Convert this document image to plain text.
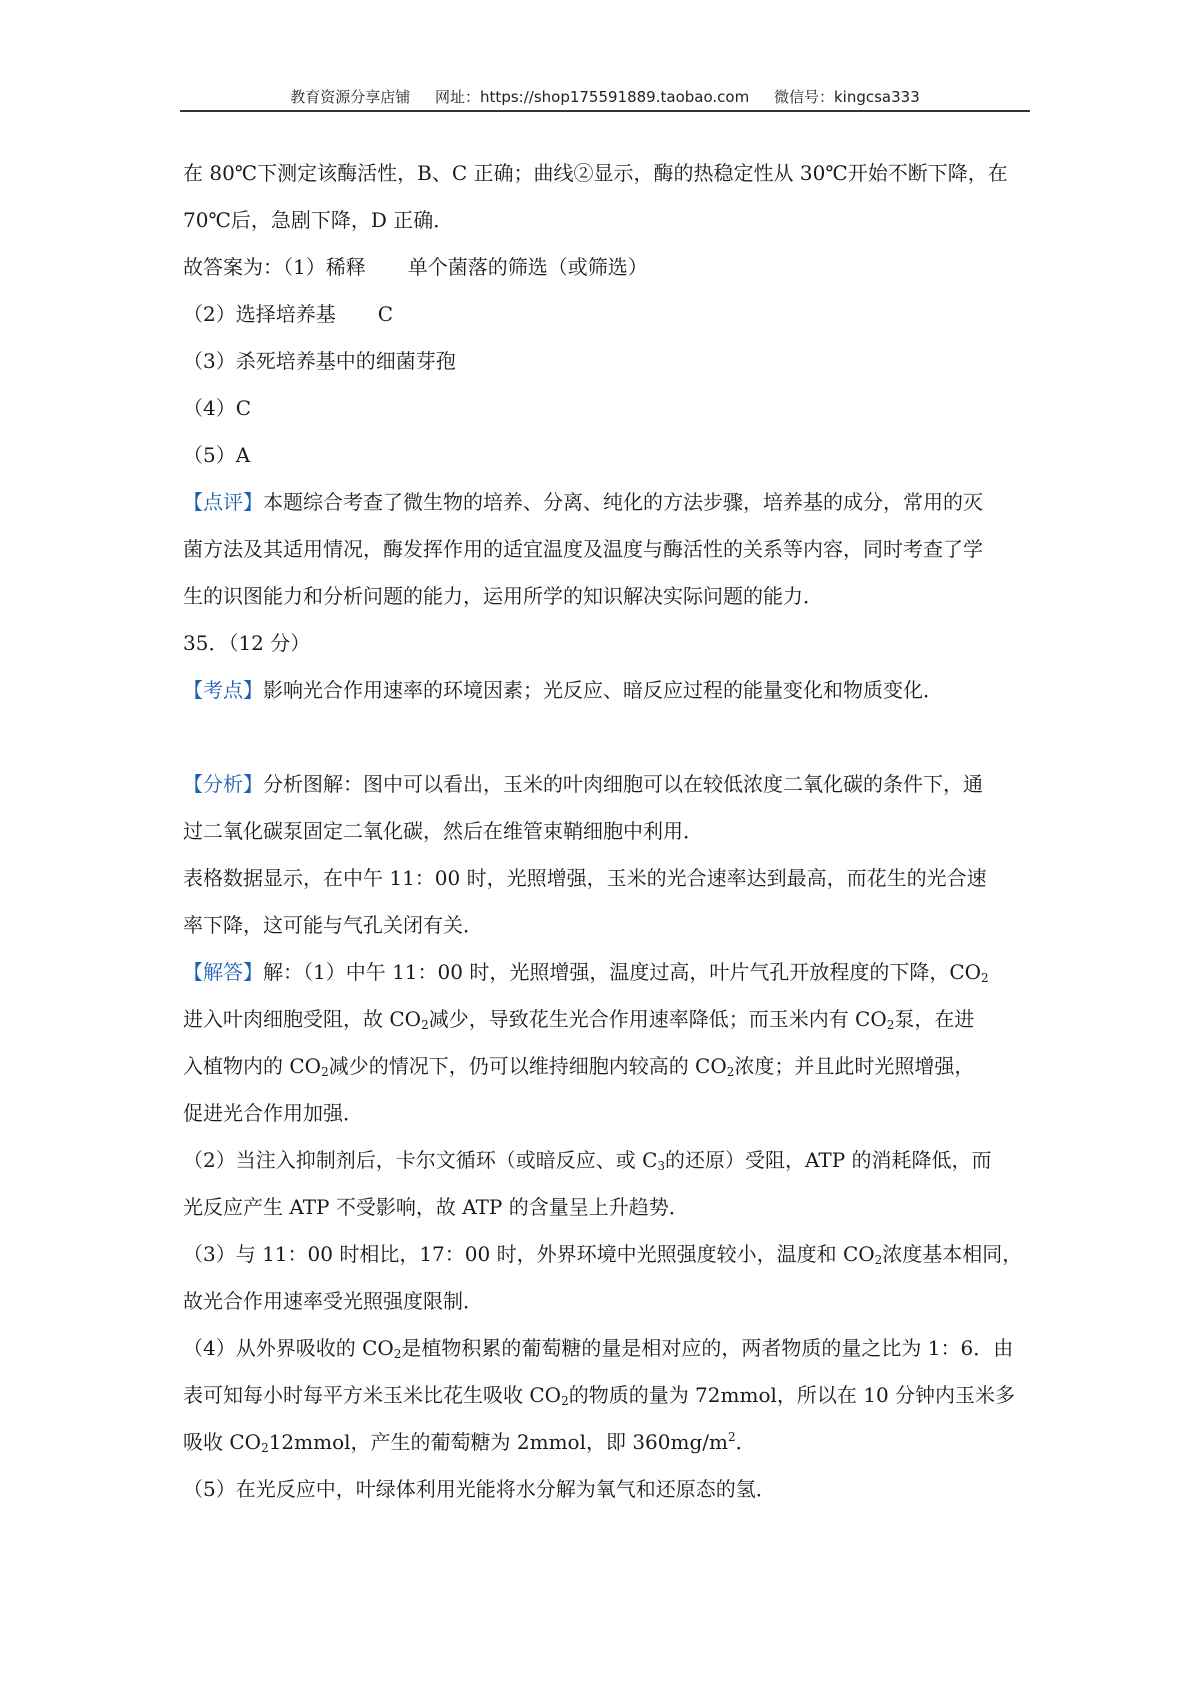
教育资源分享店铺 网址：https://shop175591889.taobao.com 微信号：kingcsa333
在 80℃下测定该酶活性，B、C 正确；曲线②显示，酶的热稳定性从 30℃开始不断下降，在
70℃后，急剧下降，D 正确．
故答案为：（1）稀释 单个菌落的筛选（或筛选）
（2）选择培养基 C
（3）杀死培养基中的细菌芽孢
（4）C
（5）A
【点评】本题综合考查了微生物的培养、分离、纯化的方法步骤，培养基的成分，常用的灭
菌方法及其适用情况，酶发挥作用的适宜温度及温度与酶活性的关系等内容，同时考查了学
生的识图能力和分析问题的能力，运用所学的知识解决实际问题的能力．
35．（12 分）
【考点】影响光合作用速率的环境因素；光反应、暗反应过程的能量变化和物质变化．
【分析】分析图解：图中可以看出，玉米的叶肉细胞可以在较低浓度二氧化碳的条件下，通
过二氧化碳泵固定二氧化碳，然后在维管束鞘细胞中利用．
表格数据显示，在中午 11：00 时，光照增强，玉米的光合速率达到最高，而花生的光合速
率下降，这可能与气孔关闭有关．
【解答】解：（1）中午 11：00 时，光照增强，温度过高，叶片气孔开放程度的下降，$CO_2$
进入叶肉细胞受阻，故 $CO_2$减少，导致花生光合作用速率降低；而玉米内有 $CO_2$泵，在进
入植物内的 $CO_2$减少的情况下，仍可以维持细胞内较高的 $CO_2$浓度；并且此时光照增强，
促进光合作用加强．
（2）当注入抑制剂后，卡尔文循环（或暗反应、或 $C_3$的还原）受阻，ATP 的消耗降低，而
光反应产生 ATP 不受影响，故 ATP 的含量呈上升趋势．
（3）与 11：00 时相比，17：00 时，外界环境中光照强度较小，温度和 $CO_2$浓度基本相同，
故光合作用速率受光照强度限制．
（4）从外界吸收的 $CO_2$是植物积累的葡萄糖的量是相对应的，两者物质的量之比为 1：6．由
表可知每小时每平方米玉米比花生吸收 $CO_2$的物质的量为 72mmol，所以在 10 分钟内玉米多
吸收 $CO_212mmol$，产生的葡萄糖为 2mmol，即 $360mg/m^2$．
（5）在光反应中，叶绿体利用光能将水分解为氧气和还原态的氢．
